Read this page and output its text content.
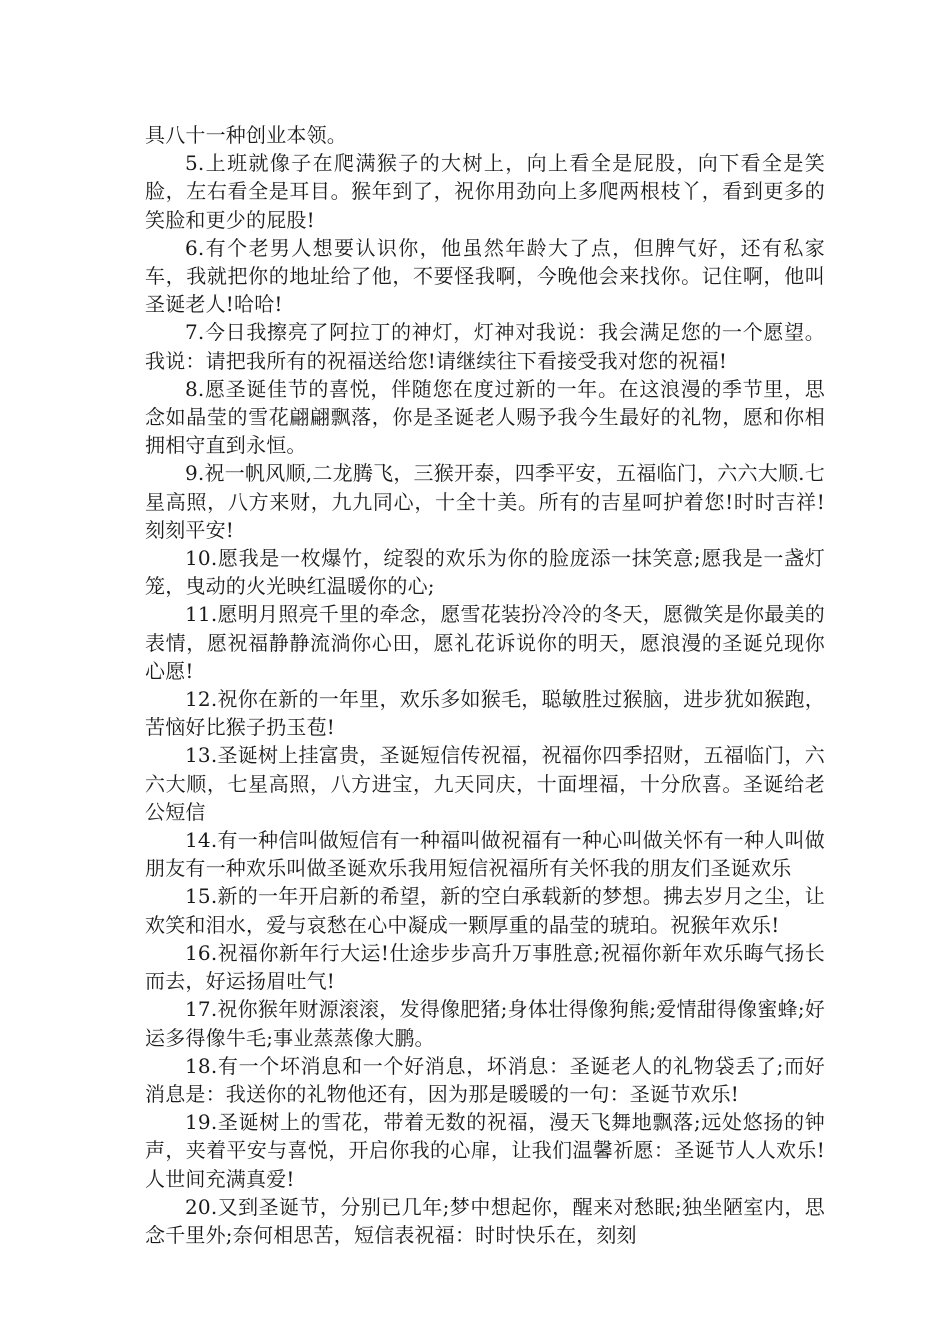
具八十一种创业本领。

5.上班就像子在爬满猴子的大树上，向上看全是屁股，向下看全是笑脸，左右看全是耳目。猴年到了，祝你用劲向上多爬两根枝丫，看到更多的笑脸和更少的屁股!

6.有个老男人想要认识你，他虽然年龄大了点，但脾气好，还有私家车，我就把你的地址给了他，不要怪我啊，今晚他会来找你。记住啊，他叫圣诞老人!哈哈!

7.今日我擦亮了阿拉丁的神灯，灯神对我说：我会满足您的一个愿望。我说：请把我所有的祝福送给您!请继续往下看接受我对您的祝福!

8.愿圣诞佳节的喜悦，伴随您在度过新的一年。在这浪漫的季节里，思念如晶莹的雪花翩翩飘落，你是圣诞老人赐予我今生最好的礼物，愿和你相拥相守直到永恒。

9.祝一帆风顺,二龙腾飞，三猴开泰，四季平安，五福临门，六六大顺.七星高照，八方来财，九九同心，十全十美。所有的吉星呵护着您!时时吉祥!刻刻平安!

10.愿我是一枚爆竹，绽裂的欢乐为你的脸庞添一抹笑意;愿我是一盏灯笼，曳动的火光映红温暖你的心;

11.愿明月照亮千里的牵念，愿雪花装扮冷冷的冬天，愿微笑是你最美的表情，愿祝福静静流淌你心田，愿礼花诉说你的明天，愿浪漫的圣诞兑现你心愿!

12.祝你在新的一年里，欢乐多如猴毛，聪敏胜过猴脑，进步犹如猴跑，苦恼好比猴子扔玉苞!

13.圣诞树上挂富贵，圣诞短信传祝福，祝福你四季招财，五福临门，六六大顺，七星高照，八方进宝，九天同庆，十面埋福，十分欣喜。圣诞给老公短信

14.有一种信叫做短信有一种福叫做祝福有一种心叫做关怀有一种人叫做朋友有一种欢乐叫做圣诞欢乐我用短信祝福所有关怀我的朋友们圣诞欢乐

15.新的一年开启新的希望，新的空白承载新的梦想。拂去岁月之尘，让欢笑和泪水，爱与哀愁在心中凝成一颗厚重的晶莹的琥珀。祝猴年欢乐!

16.祝福你新年行大运!仕途步步高升万事胜意;祝福你新年欢乐晦气扬长而去，好运扬眉吐气!

17.祝你猴年财源滚滚，发得像肥猪;身体壮得像狗熊;爱情甜得像蜜蜂;好运多得像牛毛;事业蒸蒸像大鹏。

18.有一个坏消息和一个好消息，坏消息：圣诞老人的礼物袋丢了;而好消息是：我送你的礼物他还有，因为那是暖暖的一句：圣诞节欢乐!

19.圣诞树上的雪花，带着无数的祝福，漫天飞舞地飘落;远处悠扬的钟声，夹着平安与喜悦，开启你我的心扉，让我们温馨祈愿：圣诞节人人欢乐!人世间充满真爱!

20.又到圣诞节，分别已几年;梦中想起你，醒来对愁眠;独坐陋室内，思念千里外;奈何相思苦，短信表祝福：时时快乐在，刻刻
